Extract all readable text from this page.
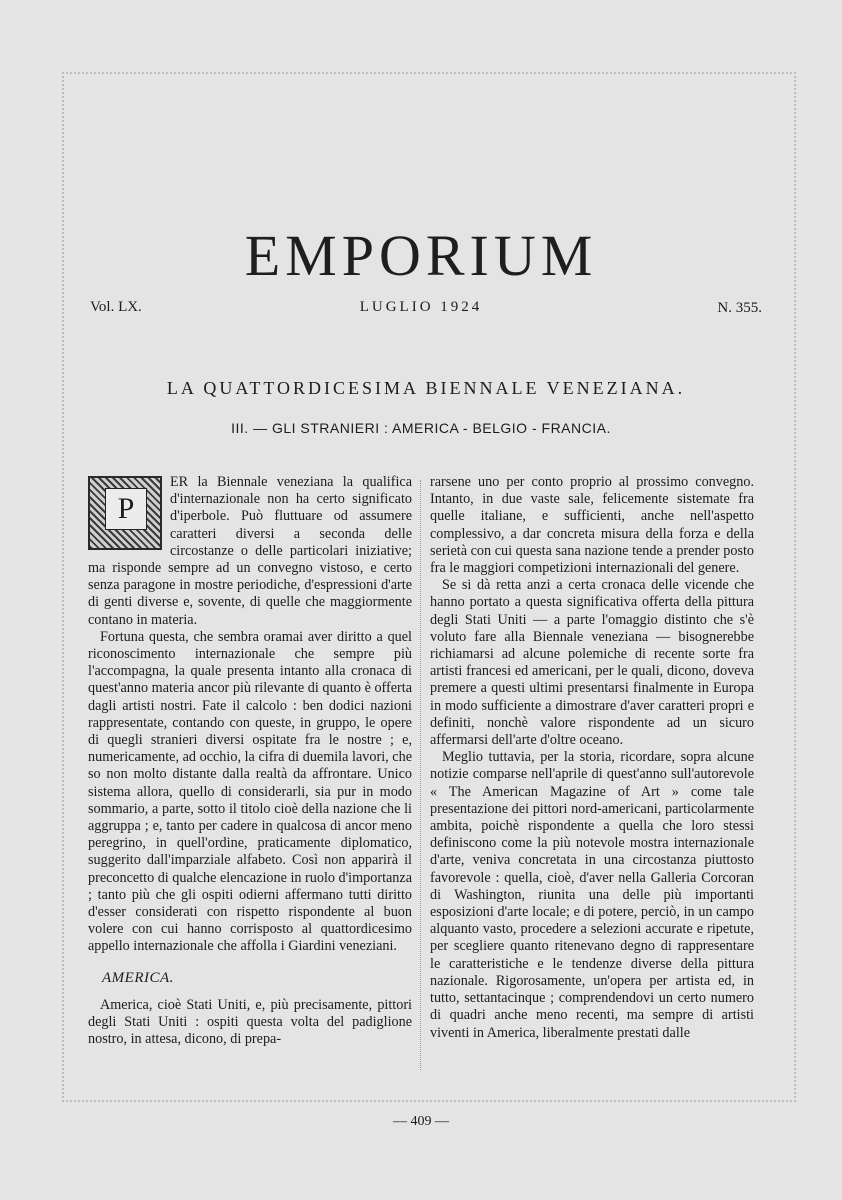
EMPORIUM
Vol. LX.	LUGLIO 1924	N. 355.
LA QUATTORDICESIMA BIENNALE VENEZIANA.
III. — GLI STRANIERI : AMERICA - BELGIO - FRANCIA.
P

ER la Biennale veneziana la qualifica d'internazionale non ha certo significato d'iperbole. Può fluttuare od assumere caratteri diversi a seconda delle circostanze o delle particolari iniziative; ma risponde sempre ad un convegno vistoso, e certo senza paragone in mostre periodiche, d'espressioni d'arte di genti diverse e, sovente, di quelle che maggiormente contano in materia.

Fortuna questa, che sembra oramai aver diritto a quel riconoscimento internazionale che sempre più l'accompagna, la quale presenta intanto alla cronaca di quest'anno materia ancor più rilevante di quanto è offerta dagli artisti nostri. Fate il calcolo : ben dodici nazioni rappresentate, contando con queste, in gruppo, le opere di quegli stranieri diversi ospitate fra le nostre ; e, numericamente, ad occhio, la cifra di duemila lavori, che so non molto distante dalla realtà da affrontare. Unico sistema allora, quello di considerarli, sia pur in modo sommario, a parte, sotto il titolo cioè della nazione che li aggruppa ; e, tanto per cadere in qualcosa di ancor meno peregrino, in quell'ordine, praticamente diplomatico, suggerito dall'imparziale alfabeto. Così non apparirà il preconcetto di qualche elencazione in ruolo d'importanza ; tanto più che gli ospiti odierni affermano tutti diritto d'esser considerati con rispetto rispondente al buon volere con cui hanno corrisposto al quattordicesimo appello internazionale che affolla i Giardini veneziani.

AMERICA.

America, cioè Stati Uniti, e, più precisamente, pittori degli Stati Uniti : ospiti questa volta del padiglione nostro, in attesa, dicono, di prepa-

rarsene uno per conto proprio al prossimo convegno. Intanto, in due vaste sale, felicemente sistemate fra quelle italiane, e sufficienti, anche nell'aspetto complessivo, a dar concreta misura della forza e della serietà con cui questa sana nazione tende a prender posto fra le maggiori competizioni internazionali del genere.

Se si dà retta anzi a certa cronaca delle vicende che hanno portato a questa significativa offerta della pittura degli Stati Uniti — a parte l'omaggio distinto che s'è voluto fare alla Biennale veneziana — bisognerebbe richiamarsi ad alcune polemiche di recente sorte fra artisti francesi ed americani, per le quali, dicono, doveva premere a questi ultimi presentarsi finalmente in Europa in modo sufficiente a dimostrare d'aver caratteri propri e definiti, nonchè valore rispondente ad un sicuro affermarsi dell'arte d'oltre oceano.

Meglio tuttavia, per la storia, ricordare, sopra alcune notizie comparse nell'aprile di quest'anno sull'autorevole « The American Magazine of Art » come tale presentazione dei pittori nord-americani, particolarmente ambita, poichè rispondente a quella che loro stessi definiscono come la più notevole mostra internazionale d'arte, veniva concretata in una circostanza piuttosto favorevole : quella, cioè, d'aver nella Galleria Corcoran di Washington, riunita una delle più importanti esposizioni d'arte locale; e di potere, perciò, in un campo alquanto vasto, procedere a selezioni accurate e ripetute, per scegliere quanto ritenevano degno di rappresentare le caratteristiche e le tendenze diverse della pittura nazionale. Rigorosamente, un'opera per artista ed, in tutto, settantacinque ; comprendendovi un certo numero di quadri anche meno recenti, ma sempre di artisti viventi in America, liberalmente prestati dalle

— 409 —
